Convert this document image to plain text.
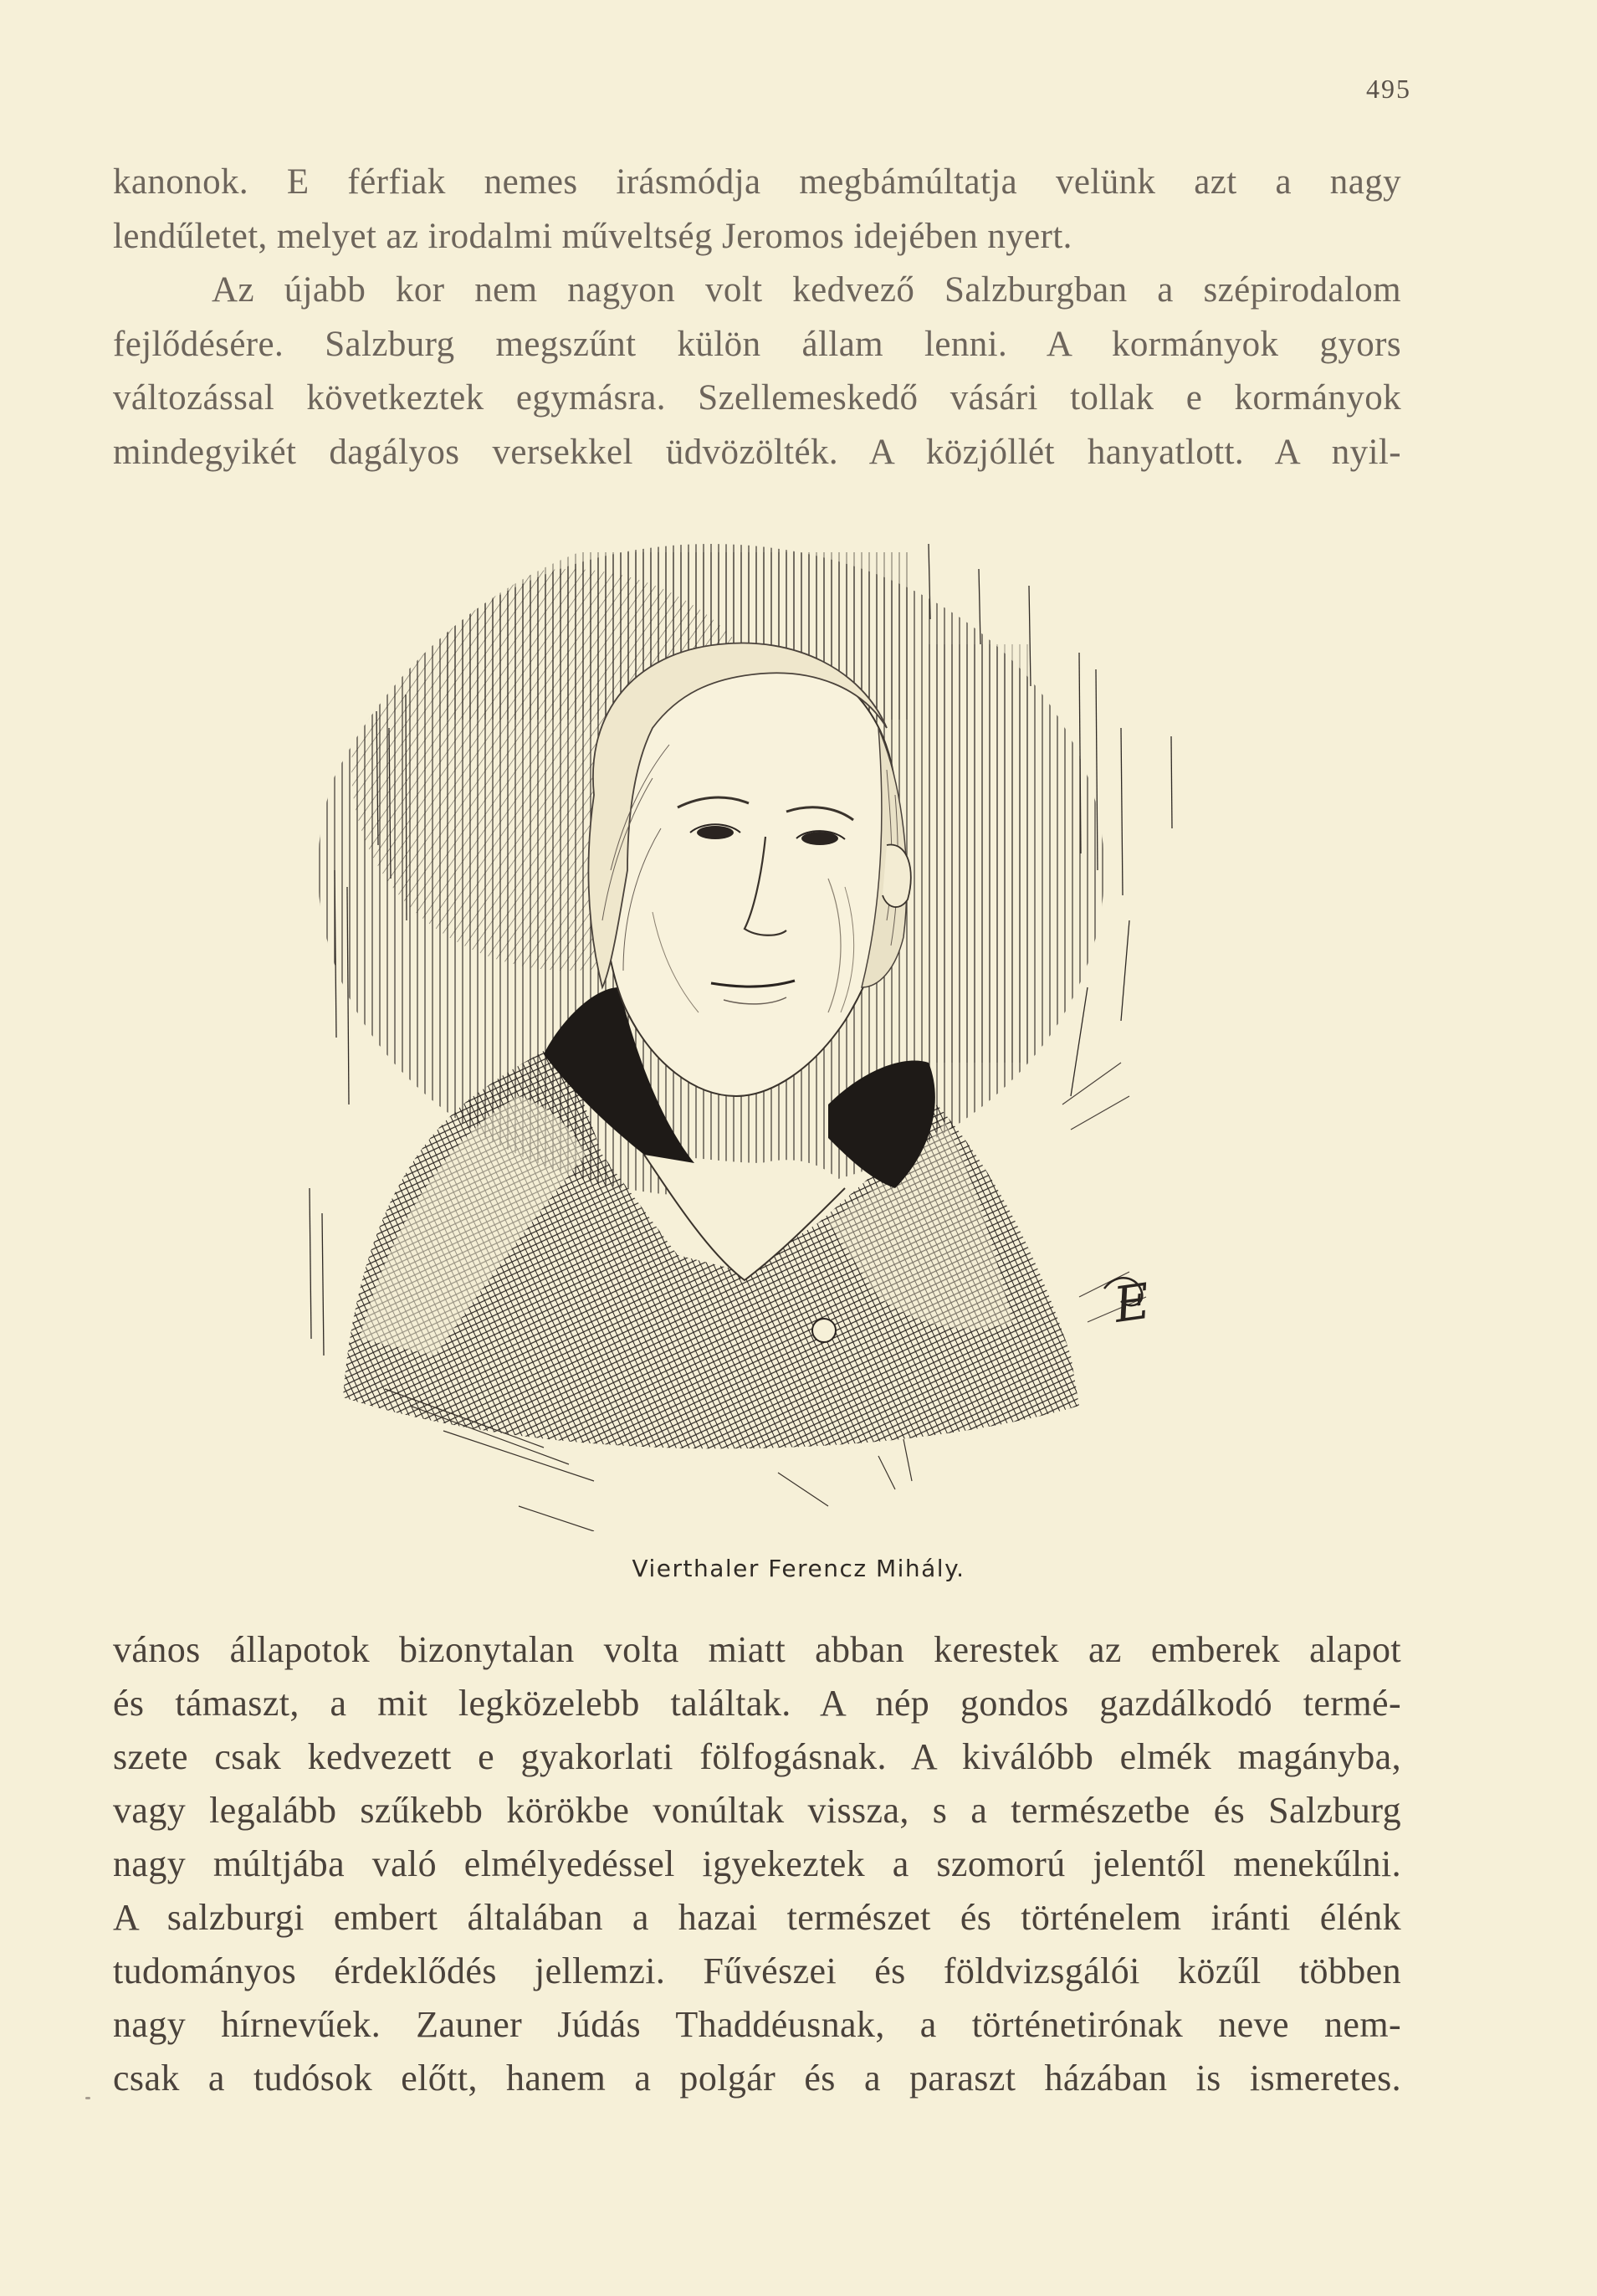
495
kanonok. E férfiak nemes irásmódja megbámúltatja velünk azt a nagy
lendűletet, melyet az irodalmi műveltség Jeromos idejében nyert.
Az újabb kor nem nagyon volt kedvező Salzburgban a szépirodalom
fejlődésére. Salzburg megszűnt külön állam lenni. A kormányok gyors
változással következtek egymásra. Szellemeskedő vásári tollak e kormányok
mindegyikét dagályos versekkel üdvözölték. A közjóllét hanyatlott. A nyil-
E
Vierthaler Ferencz Mihály.
vános állapotok bizonytalan volta miatt abban kerestek az emberek alapot
és támaszt, a mit legközelebb találtak. A nép gondos gazdálkodó termé-
szete csak kedvezett e gyakorlati fölfogásnak. A kiválóbb elmék magányba,
vagy legalább szűkebb körökbe vonúltak vissza, s a természetbe és Salzburg
nagy múltjába való elmélyedéssel igyekeztek a szomorú jelentől menekűlni.
A salzburgi embert általában a hazai természet és történelem iránti élénk
tudományos érdeklődés jellemzi. Fűvészei és földvizsgálói közűl többen
nagy hírnevűek. Zauner Júdás Thaddéusnak, a történetirónak neve nem-
csak a tudósok előtt, hanem a polgár és a paraszt házában is ismeretes.
